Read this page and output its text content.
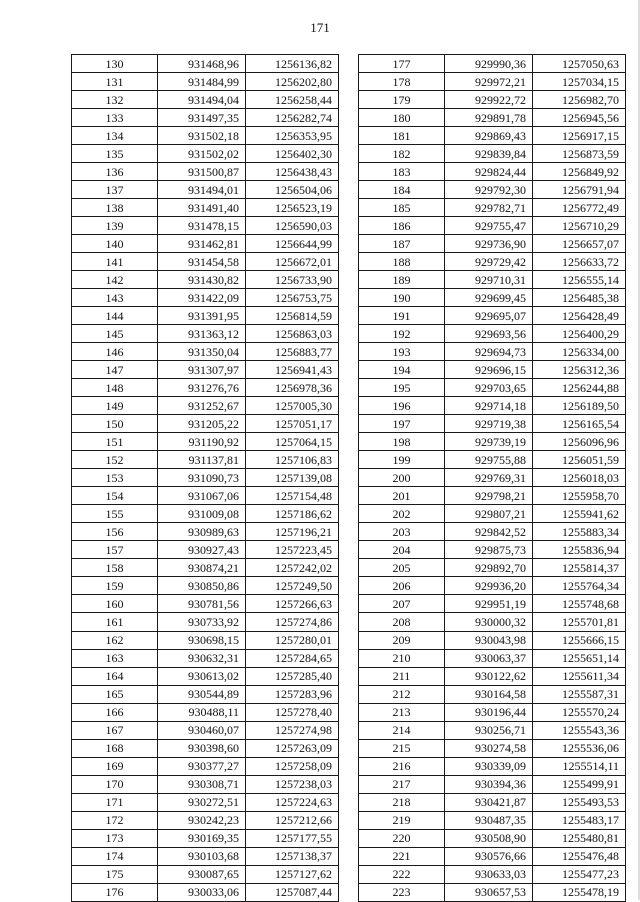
171
130	931468,96	1256136,82
131	931484,99	1256202,80
132	931494,04	1256258,44
133	931497,35	1256282,74
134	931502,18	1256353,95
135	931502,02	1256402,30
136	931500,87	1256438,43
137	931494,01	1256504,06
138	931491,40	1256523,19
139	931478,15	1256590,03
140	931462,81	1256644,99
141	931454,58	1256672,01
142	931430,82	1256733,90
143	931422,09	1256753,75
144	931391,95	1256814,59
145	931363,12	1256863,03
146	931350,04	1256883,77
147	931307,97	1256941,43
148	931276,76	1256978,36
149	931252,67	1257005,30
150	931205,22	1257051,17
151	931190,92	1257064,15
152	931137,81	1257106,83
153	931090,73	1257139,08
154	931067,06	1257154,48
155	931009,08	1257186,62
156	930989,63	1257196,21
157	930927,43	1257223,45
158	930874,21	1257242,02
159	930850,86	1257249,50
160	930781,56	1257266,63
161	930733,92	1257274,86
162	930698,15	1257280,01
163	930632,31	1257284,65
164	930613,02	1257285,40
165	930544,89	1257283,96
166	930488,11	1257278,40
167	930460,07	1257274,98
168	930398,60	1257263,09
169	930377,27	1257258,09
170	930308,71	1257238,03
171	930272,51	1257224,63
172	930242,23	1257212,66
173	930169,35	1257177,55
174	930103,68	1257138,37
175	930087,65	1257127,62
176	930033,06	1257087,44
177	929990,36	1257050,63
178	929972,21	1257034,15
179	929922,72	1256982,70
180	929891,78	1256945,56
181	929869,43	1256917,15
182	929839,84	1256873,59
183	929824,44	1256849,92
184	929792,30	1256791,94
185	929782,71	1256772,49
186	929755,47	1256710,29
187	929736,90	1256657,07
188	929729,42	1256633,72
189	929710,31	1256555,14
190	929699,45	1256485,38
191	929695,07	1256428,49
192	929693,56	1256400,29
193	929694,73	1256334,00
194	929696,15	1256312,36
195	929703,65	1256244,88
196	929714,18	1256189,50
197	929719,38	1256165,54
198	929739,19	1256096,96
199	929755,88	1256051,59
200	929769,31	1256018,03
201	929798,21	1255958,70
202	929807,21	1255941,62
203	929842,52	1255883,34
204	929875,73	1255836,94
205	929892,70	1255814,37
206	929936,20	1255764,34
207	929951,19	1255748,68
208	930000,32	1255701,81
209	930043,98	1255666,15
210	930063,37	1255651,14
211	930122,62	1255611,34
212	930164,58	1255587,31
213	930196,44	1255570,24
214	930256,71	1255543,36
215	930274,58	1255536,06
216	930339,09	1255514,11
217	930394,36	1255499,91
218	930421,87	1255493,53
219	930487,35	1255483,17
220	930508,90	1255480,81
221	930576,66	1255476,48
222	930633,03	1255477,23
223	930657,53	1255478,19
